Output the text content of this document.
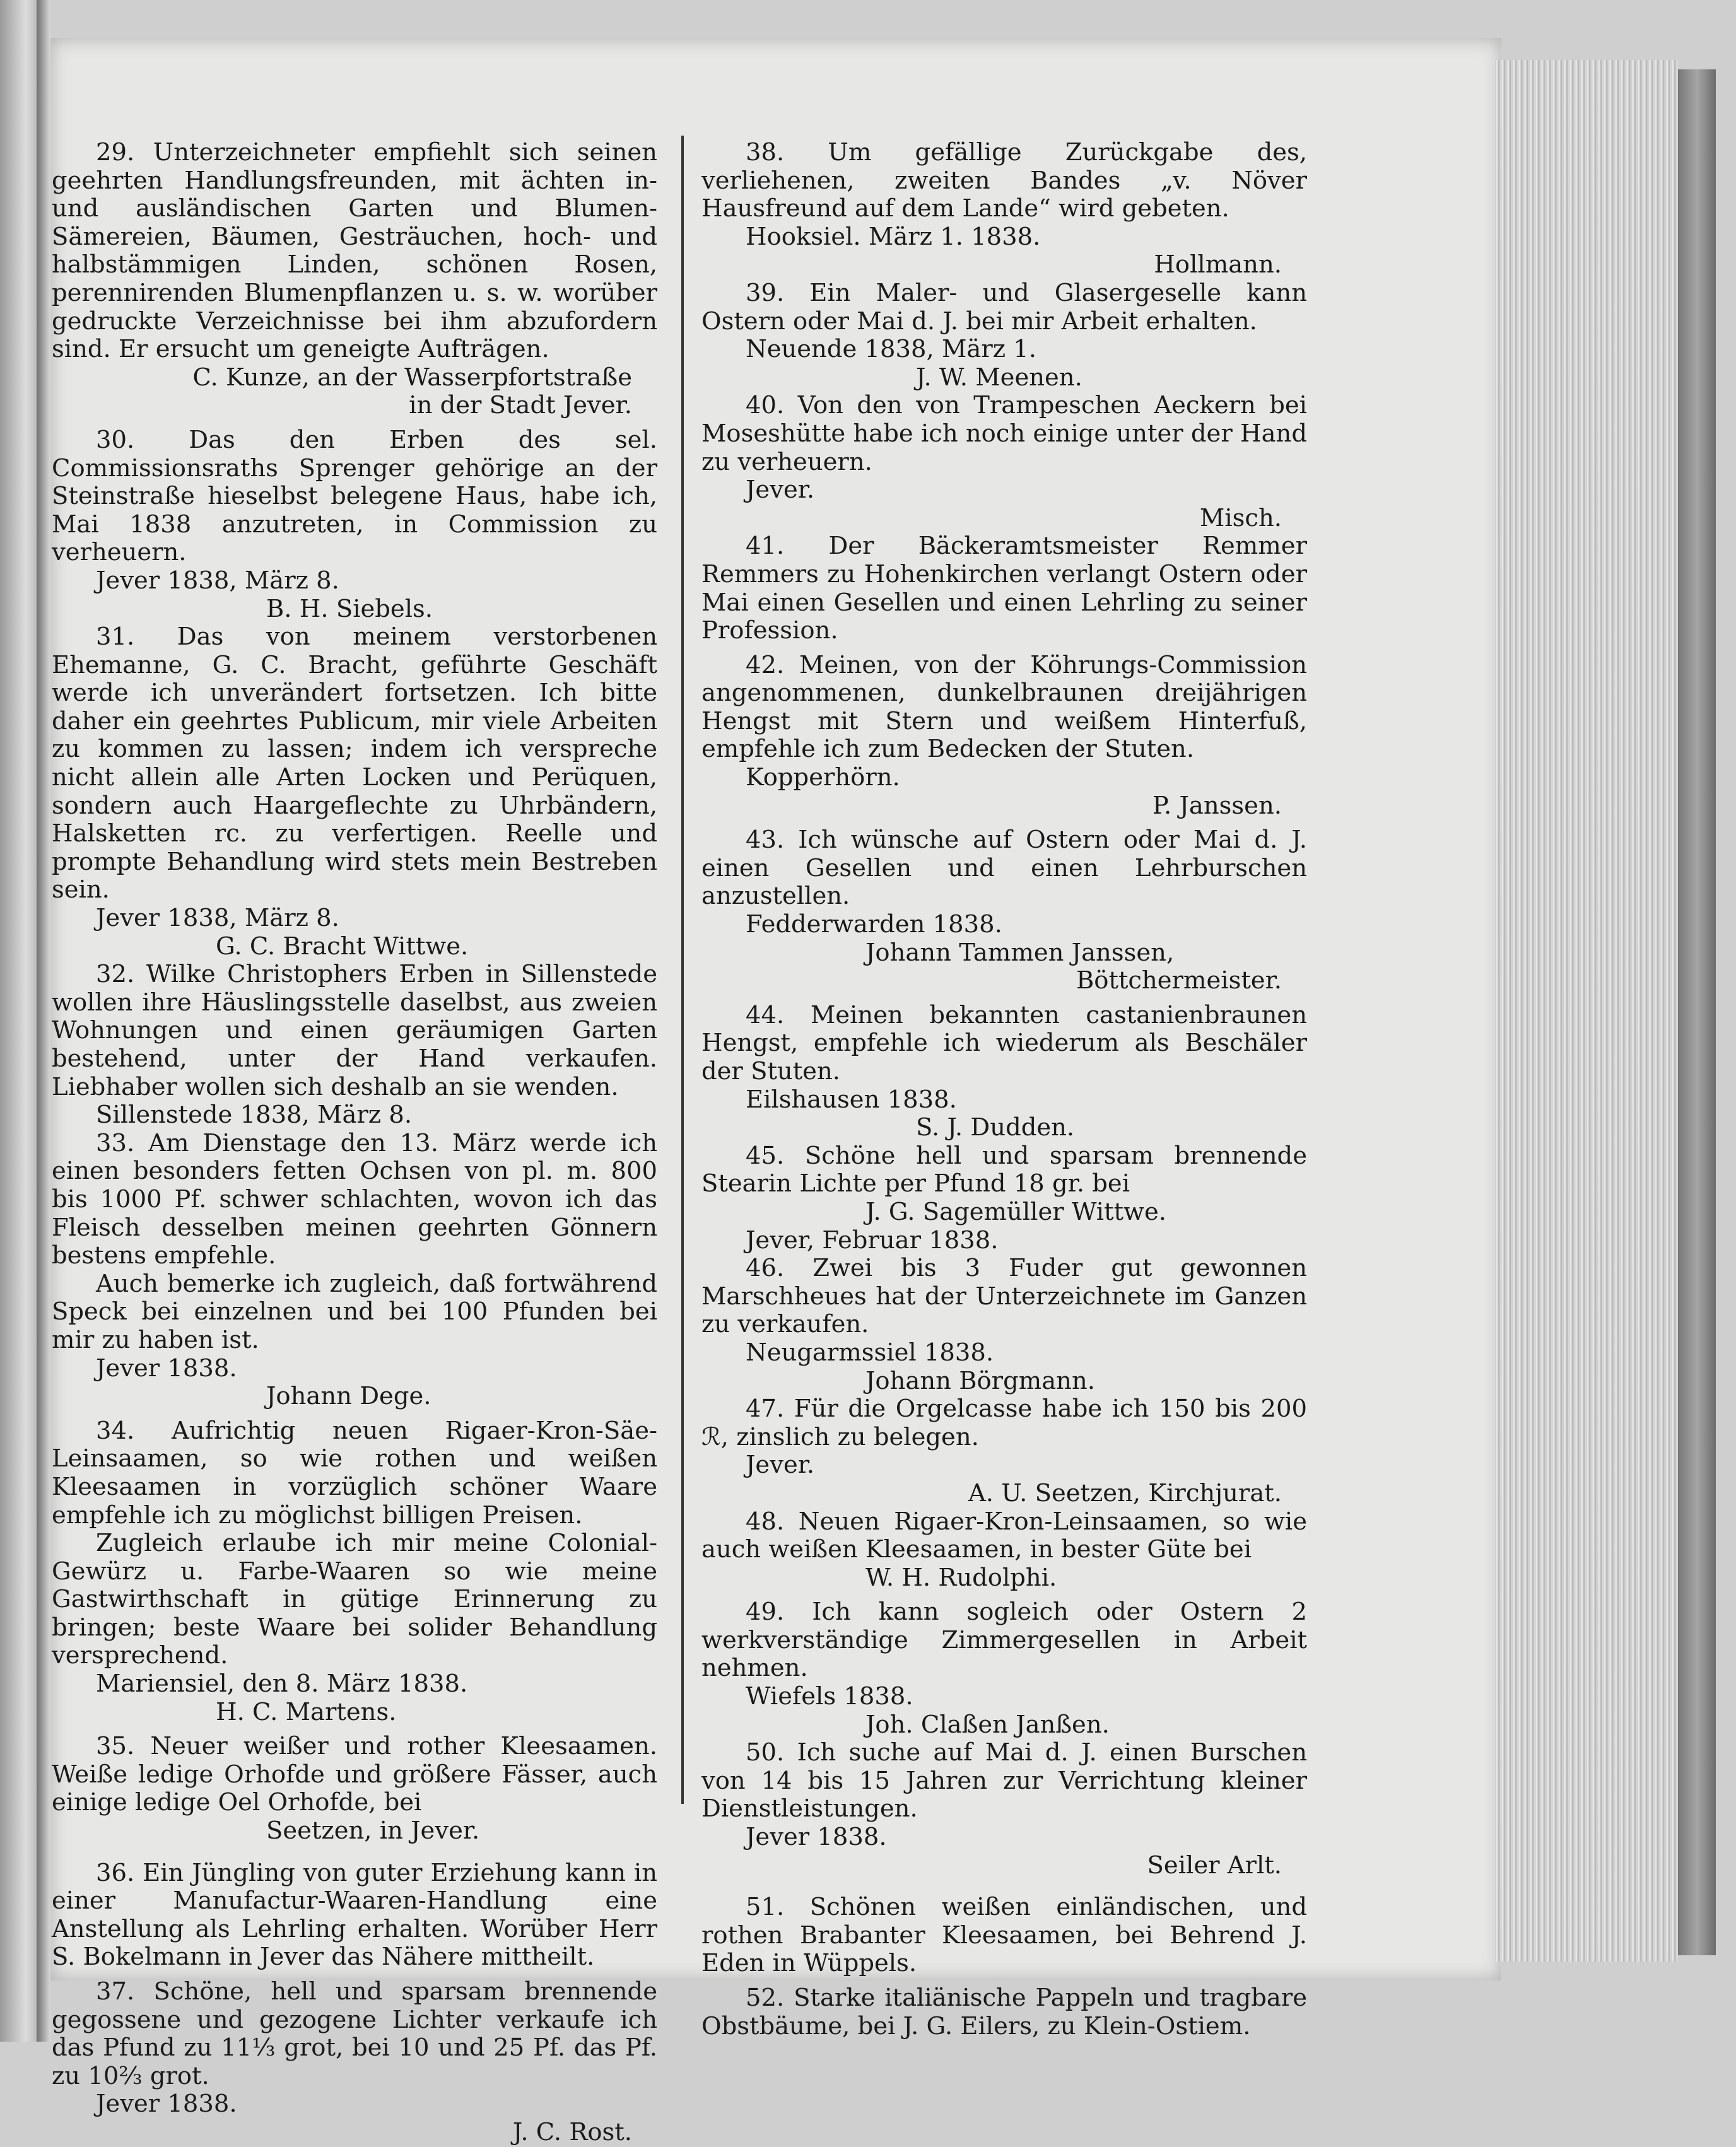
29. Unterzeichneter empfiehlt sich seinen geehrten Handlungsfreunden, mit ächten in- und ausländischen Garten und Blumen-Sämereien, Bäumen, Gesträuchen, hoch- und halbstämmigen Linden, schönen Rosen, perennirenden Blumenpflanzen u. s. w. worüber gedruckte Verzeichnisse bei ihm abzufordern sind. Er ersucht um geneigte Aufträgen.

C. Kunze, an der Wasserpfortstraße

in der Stadt Jever.

30. Das den Erben des sel. Commissionsraths Sprenger gehörige an der Steinstraße hieselbst belegene Haus, habe ich, Mai 1838 anzutreten, in Commission zu verheuern.

Jever 1838, März 8.

B. H. Siebels.

31. Das von meinem verstorbenen Ehemanne, G. C. Bracht, geführte Geschäft werde ich unverändert fortsetzen. Ich bitte daher ein geehrtes Publicum, mir viele Arbeiten zu kommen zu lassen; indem ich verspreche nicht allein alle Arten Locken und Perüquen, sondern auch Haargeflechte zu Uhrbändern, Halsketten rc. zu verfertigen. Reelle und prompte Behandlung wird stets mein Bestreben sein.

Jever 1838, März 8.

G. C. Bracht Wittwe.

32. Wilke Christophers Erben in Sillenstede wollen ihre Häuslingsstelle daselbst, aus zweien Wohnungen und einen geräumigen Garten bestehend, unter der Hand verkaufen. Liebhaber wollen sich deshalb an sie wenden.

Sillenstede 1838, März 8.

33. Am Dienstage den 13. März werde ich einen besonders fetten Ochsen von pl. m. 800 bis 1000 Pf. schwer schlachten, wovon ich das Fleisch desselben meinen geehrten Gönnern bestens empfehle.

Auch bemerke ich zugleich, daß fortwährend Speck bei einzelnen und bei 100 Pfunden bei mir zu haben ist.

Jever 1838.

Johann Dege.

34. Aufrichtig neuen Rigaer-Kron-Säe-Leinsaamen, so wie rothen und weißen Kleesaamen in vorzüglich schöner Waare empfehle ich zu möglichst billigen Preisen.

Zugleich erlaube ich mir meine Colonial-Gewürz u. Farbe-Waaren so wie meine Gastwirthschaft in gütige Erinnerung zu bringen; beste Waare bei solider Behandlung versprechend.

Mariensiel, den 8. März 1838.

H. C. Martens.

35. Neuer weißer und rother Kleesaamen. Weiße ledige Orhofde und größere Fässer, auch einige ledige Oel Orhofde, bei

Seetzen, in Jever.

36. Ein Jüngling von guter Erziehung kann in einer Manufactur-Waaren-Handlung eine Anstellung als Lehrling erhalten. Worüber Herr S. Bokelmann in Jever das Nähere mittheilt.

37. Schöne, hell und sparsam brennende gegossene und gezogene Lichter verkaufe ich das Pfund zu 11⅓ grot, bei 10 und 25 Pf. das Pf. zu 10⅔ grot.

Jever 1838.

J. C. Rost.

38. Um gefällige Zurückgabe des, verliehenen, zweiten Bandes „v. Növer Hausfreund auf dem Lande“ wird gebeten.

Hooksiel. März 1. 1838.

Hollmann.

39. Ein Maler- und Glasergeselle kann Ostern oder Mai d. J. bei mir Arbeit erhalten.

Neuende 1838, März 1.

J. W. Meenen.

40. Von den von Trampeschen Aeckern bei Moseshütte habe ich noch einige unter der Hand zu verheuern.

Jever.

Misch.

41. Der Bäckeramtsmeister Remmer Remmers zu Hohenkirchen verlangt Ostern oder Mai einen Gesellen und einen Lehrling zu seiner Profession.

42. Meinen, von der Köhrungs-Commission angenommenen, dunkelbraunen dreijährigen Hengst mit Stern und weißem Hinterfuß, empfehle ich zum Bedecken der Stuten.

Kopperhörn.

P. Janssen.

43. Ich wünsche auf Ostern oder Mai d. J. einen Gesellen und einen Lehrburschen anzustellen.

Fedderwarden 1838.

Johann Tammen Janssen,

Böttchermeister.

44. Meinen bekannten castanienbraunen Hengst, empfehle ich wiederum als Beschäler der Stuten.

Eilshausen 1838.

S. J. Dudden.

45. Schöne hell und sparsam brennende Stearin Lichte per Pfund 18 gr. bei

J. G. Sagemüller Wittwe.

Jever, Februar 1838.

46. Zwei bis 3 Fuder gut gewonnen Marschheues hat der Unterzeichnete im Ganzen zu verkaufen.

Neugarmssiel 1838.

Johann Börgmann.

47. Für die Orgelcasse habe ich 150 bis 200 ℛ, zinslich zu belegen.

Jever.

A. U. Seetzen, Kirchjurat.

48. Neuen Rigaer-Kron-Leinsaamen, so wie auch weißen Kleesaamen, in bester Güte bei

W. H. Rudolphi.

49. Ich kann sogleich oder Ostern 2 werkverständige Zimmergesellen in Arbeit nehmen.

Wiefels 1838.

Joh. Claßen Janßen.

50. Ich suche auf Mai d. J. einen Burschen von 14 bis 15 Jahren zur Verrichtung kleiner Dienstleistungen.

Jever 1838.

Seiler Arlt.

51. Schönen weißen einländischen, und rothen Brabanter Kleesaamen, bei Behrend J. Eden in Wüppels.

52. Starke italiänische Pappeln und tragbare Obstbäume, bei J. G. Eilers, zu Klein-Ostiem.
